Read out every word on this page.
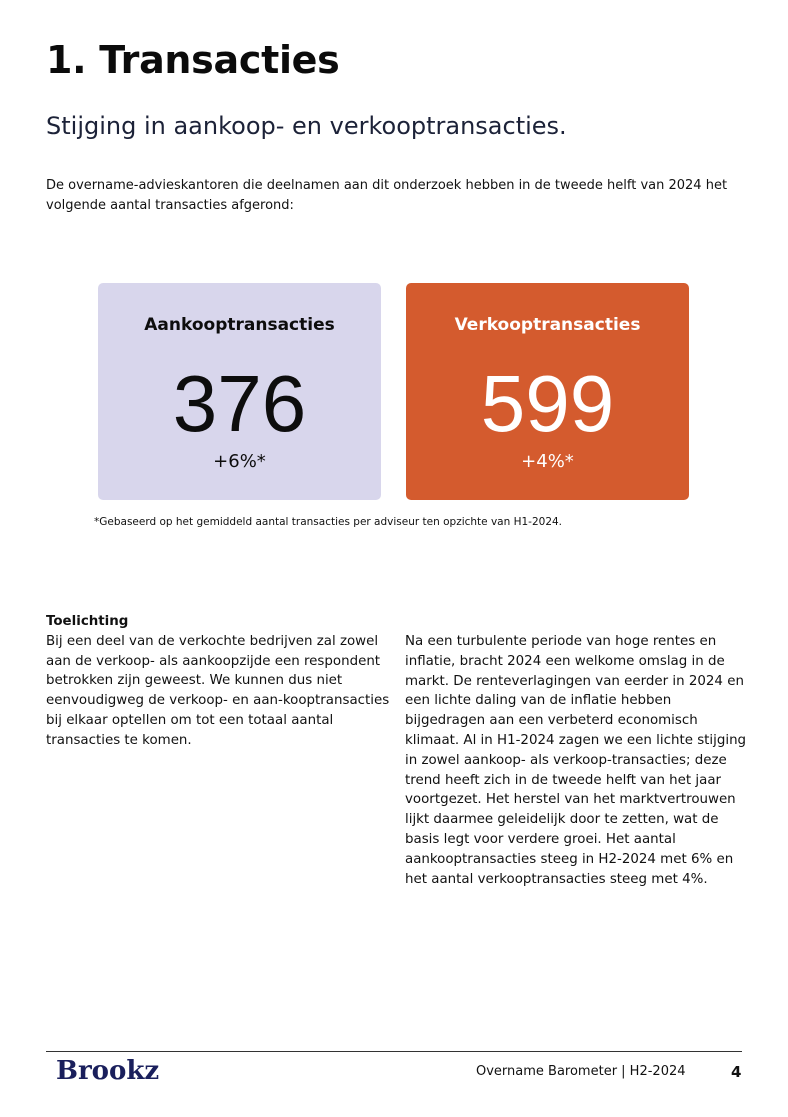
1. Transacties
Stijging in aankoop- en verkooptransacties.

De overname-advieskantoren die deelnamen aan dit onderzoek hebben in de tweede helft van 2024 het volgende aantal transacties afgerond:

Aankooptransacties
376
+6%*
Verkooptransacties
599
+4%*

*Gebaseerd op het gemiddeld aantal transacties per adviseur ten opzichte van H1-2024.

Toelichting

Bij een deel van de verkochte bedrijven zal zowel aan de verkoop- als aankoopzijde een respondent betrokken zijn geweest. We kunnen dus niet eenvoudigweg de verkoop- en aan-kooptransacties bij elkaar optellen om tot een totaal aantal transacties te komen.

Na een turbulente periode van hoge rentes en inflatie, bracht 2024 een welkome omslag in de markt. De renteverlagingen van eerder in 2024 en een lichte daling van de inflatie hebben bijgedragen aan een verbeterd economisch klimaat. Al in H1-2024 zagen we een lichte stijging in zowel aankoop- als verkoop-transacties; deze trend heeft zich in de tweede helft van het jaar voortgezet. Het herstel van het marktvertrouwen lijkt daarmee geleidelijk door te zetten, wat de basis legt voor verdere groei. Het aantal aankooptransacties steeg in H2-2024 met 6% en het aantal verkooptransacties steeg met 4%.

Brookz	Overname Barometer | H2-2024	4
